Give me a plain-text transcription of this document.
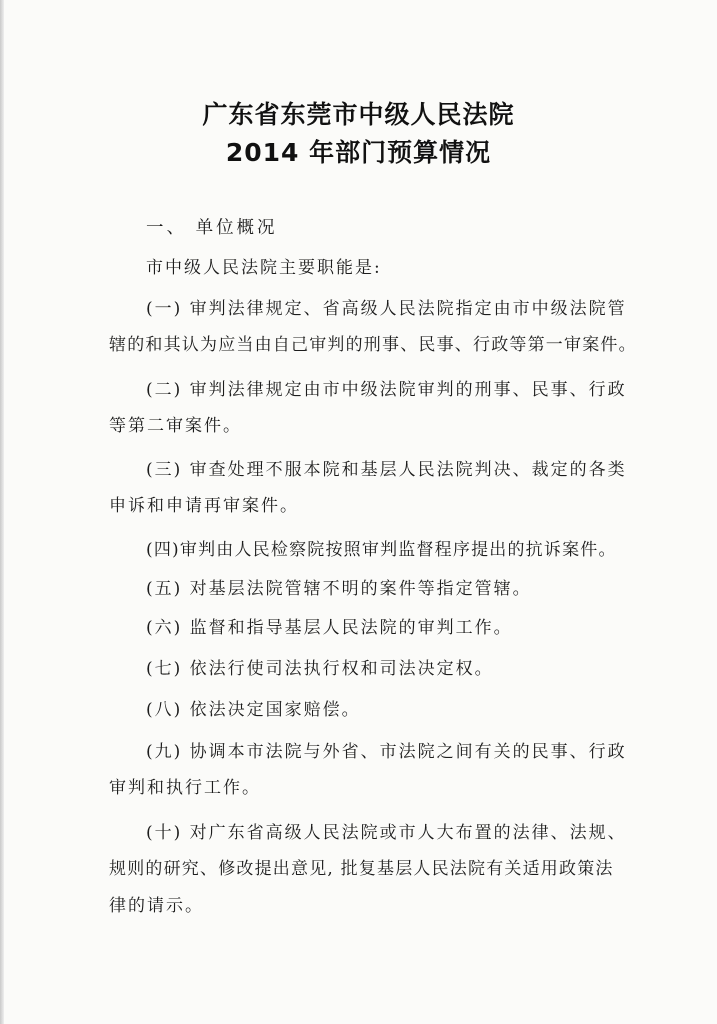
广东省东莞市中级人民法院
2014 年部门预算情况

一、 单位概况

市中级人民法院主要职能是:

(一) 审判法律规定、省高级人民法院指定由市中级法院管

辖的和其认为应当由自己审判的刑事、民事、行政等第一审案件。

(二) 审判法律规定由市中级法院审判的刑事、民事、行政

等第二审案件。

(三) 审查处理不服本院和基层人民法院判决、裁定的各类

申诉和申请再审案件。

(四)审判由人民检察院按照审判监督程序提出的抗诉案件。

(五) 对基层法院管辖不明的案件等指定管辖。

(六) 监督和指导基层人民法院的审判工作。

(七) 依法行使司法执行权和司法决定权。

(八) 依法决定国家赔偿。

(九) 协调本市法院与外省、市法院之间有关的民事、行政

审判和执行工作。

(十) 对广东省高级人民法院或市人大布置的法律、法规、

规则的研究、修改提出意见, 批复基层人民法院有关适用政策法

律的请示。
